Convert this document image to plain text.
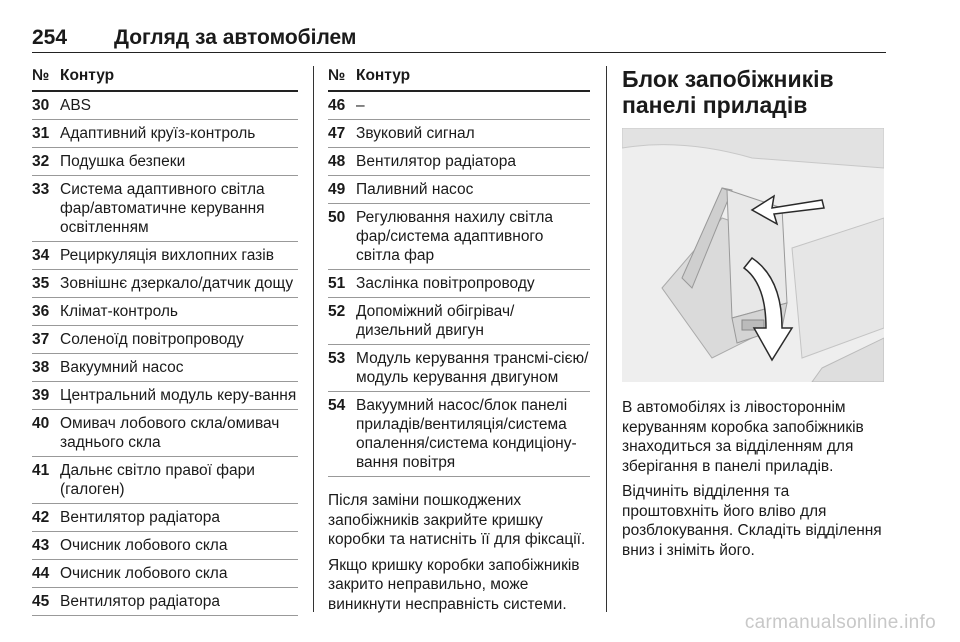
254 Догляд за автомобілем
№ Контур
30 ABS
31 Адаптивний круїз-контроль
32 Подушка безпеки
33 Система адаптивного світла фар/автоматичне керування освітленням
34 Рециркуляція вихлопних газів
35 Зовнішнє дзеркало/датчик дощу
36 Клімат-контроль
37 Соленоїд повітропроводу
38 Вакуумний насос
39 Центральний модуль керу-вання
40 Омивач лобового скла/омивач заднього скла
41 Дальнє світло правої фари (галоген)
42 Вентилятор радіатора
43 Очисник лобового скла
44 Очисник лобового скла
45 Вентилятор радіатора
№ Контур
46 –
47 Звуковий сигнал
48 Вентилятор радіатора
49 Паливний насос
50 Регулювання нахилу світла фар/система адаптивного світла фар
51 Заслінка повітропроводу
52 Допоміжний обігрівач/ дизельний двигун
53 Модуль керування трансмі-сією/модуль керування двигуном
54 Вакуумний насос/блок панелі приладів/вентиляція/система опалення/система кондиціону-вання повітря

Після заміни пошкоджених запобіжників закрийте кришку коробки та натисніть її для фіксації.

Якщо кришку коробки запобіжників закрито неправильно, може виникнути несправність системи.

Блок запобіжників панелі приладів

В автомобілях із лівостороннім керуванням коробка запобіжників знаходиться за відділенням для зберігання в панелі приладів.

Відчиніть відділення та проштовхніть його вліво для розблокування. Складіть відділення вниз і зніміть його.

carmanualsonline.info
